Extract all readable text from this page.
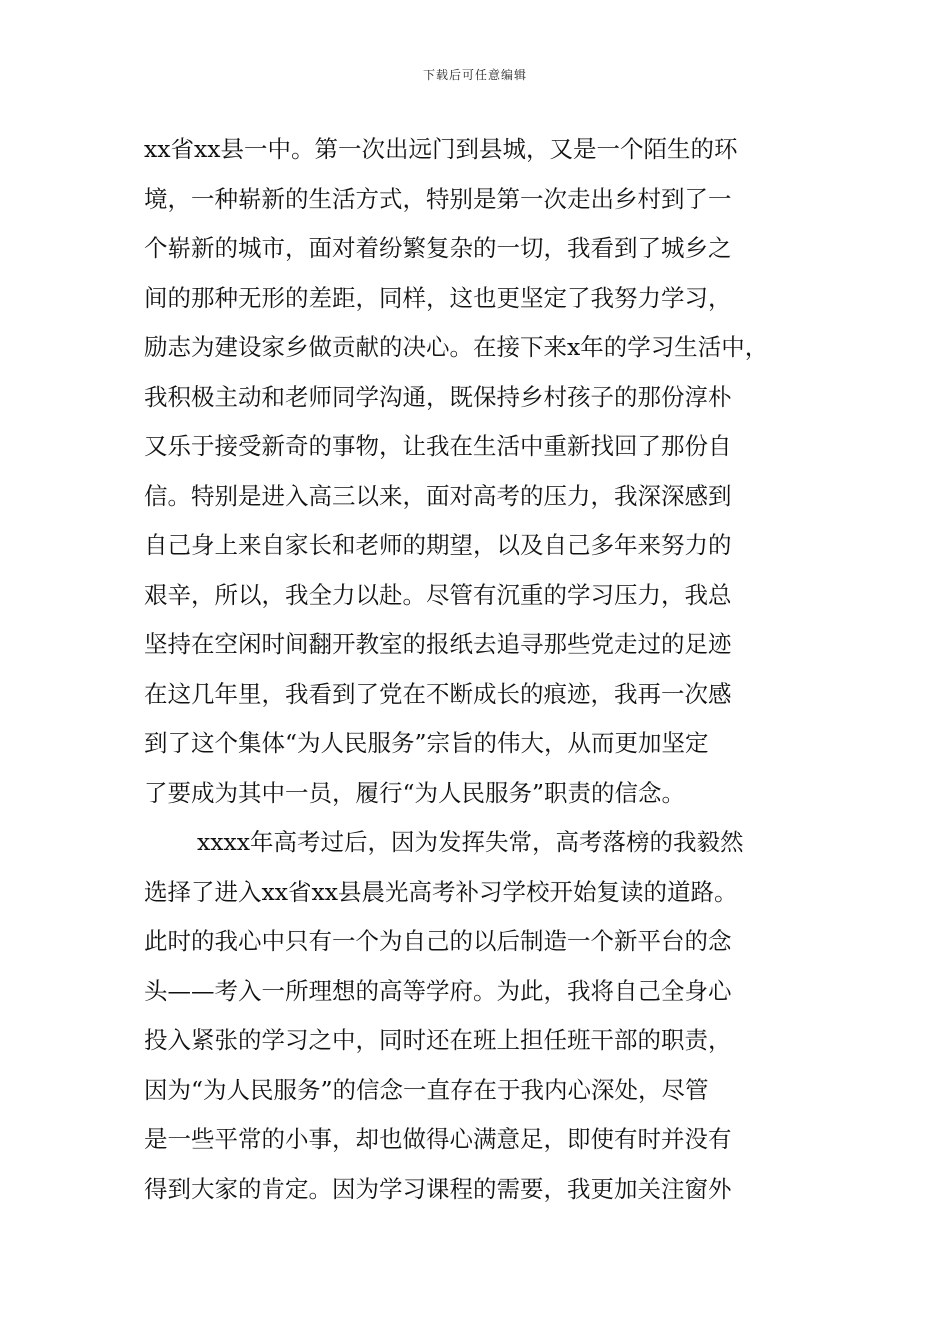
下载后可任意编辑
xx省xx县一中。第一次出远门到县城，又是一个陌生的环
境，一种崭新的生活方式，特别是第一次走出乡村到了一
个崭新的城市，面对着纷繁复杂的一切，我看到了城乡之
间的那种无形的差距，同样，这也更坚定了我努力学习，
励志为建设家乡做贡献的决心。在接下来x年的学习生活中，
我积极主动和老师同学沟通，既保持乡村孩子的那份淳朴
又乐于接受新奇的事物，让我在生活中重新找回了那份自
信。特别是进入高三以来，面对高考的压力，我深深感到
自己身上来自家长和老师的期望，以及自己多年来努力的
艰辛，所以，我全力以赴。尽管有沉重的学习压力，我总
坚持在空闲时间翻开教室的报纸去追寻那些党走过的足迹
在这几年里，我看到了党在不断成长的痕迹，我再一次感
到了这个集体“为人民服务”宗旨的伟大，从而更加坚定
了要成为其中一员，履行“为人民服务”职责的信念。
xxxx年高考过后，因为发挥失常，高考落榜的我毅然
选择了进入xx省xx县晨光高考补习学校开始复读的道路。
此时的我心中只有一个为自己的以后制造一个新平台的念
头——考入一所理想的高等学府。为此，我将自己全身心
投入紧张的学习之中，同时还在班上担任班干部的职责，
因为“为人民服务”的信念一直存在于我内心深处，尽管
是一些平常的小事，却也做得心满意足，即使有时并没有
得到大家的肯定。因为学习课程的需要，我更加关注窗外
